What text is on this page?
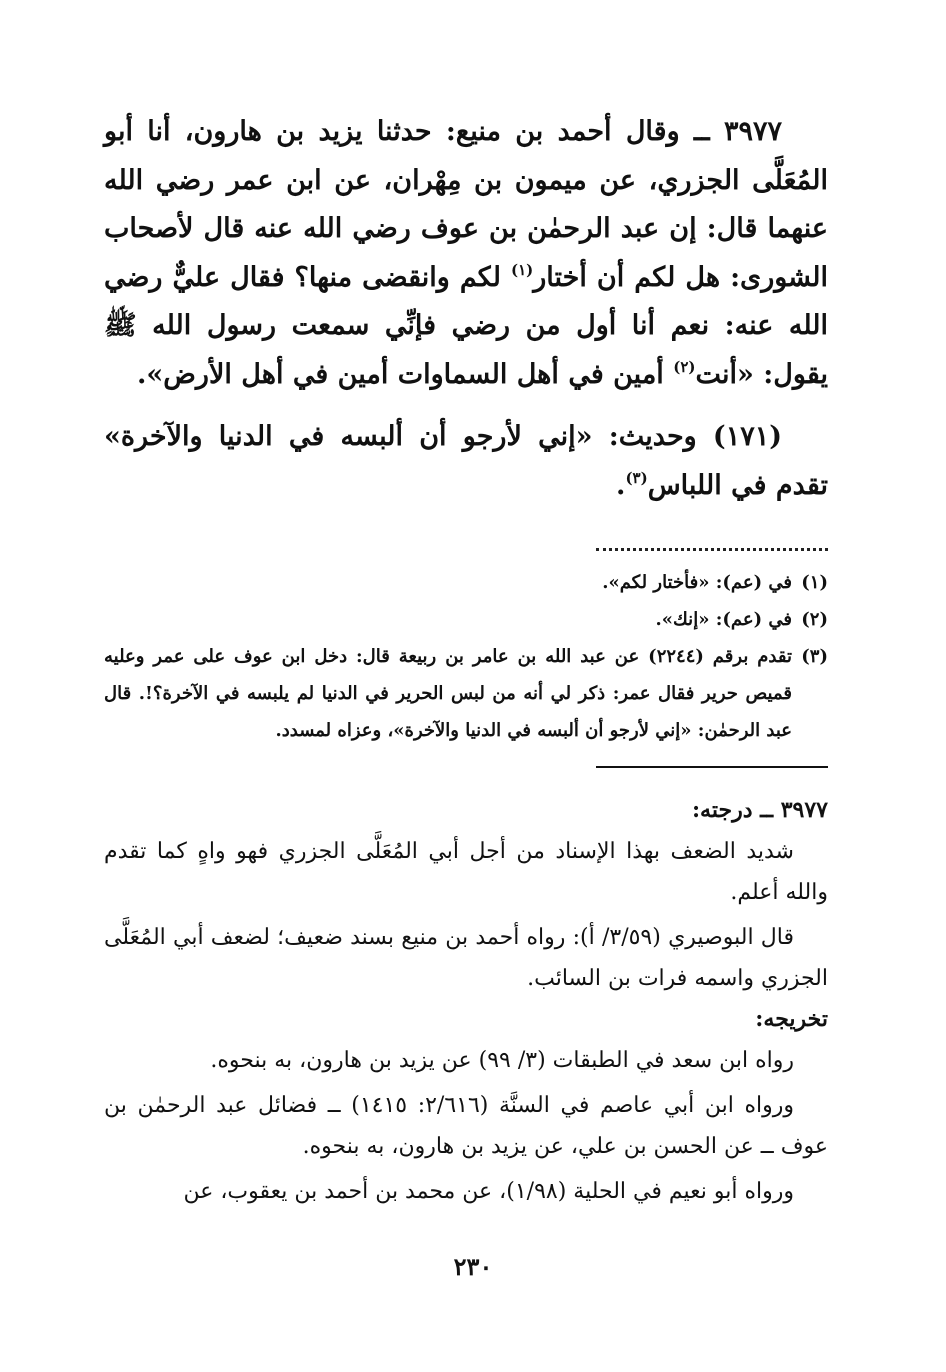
٣٩٧٧ ــ وقال أحمد بن منيع: حدثنا يزيد بن هارون، أنا أبو المُعَلَّى الجزري، عن ميمون بن مِهْران، عن ابن عمر رضي الله عنهما قال: إن عبد الرحمٰن بن عوف رضي الله عنه قال لأصحاب الشورى: هل لكم أن أختار$^{(١)}$ لكم وانقضى منها؟ فقال عليٌّ رضي الله عنه: نعم أنا أول من رضي فإنِّي سمعت رسول الله ﷺ يقول: «أنت$^{(٢)}$ أمين في أهل السماوات أمين في أهل الأرض».

(١٧١) وحديث: «إني لأرجو أن ألبسه في الدنيا والآخرة» تقدم في اللباس$^{(٣)}$.

(١)
في (عم): «فأختار لكم».
(٢)
في (عم): «إنك».
(٣)
تقدم برقم (٢٢٤٤) عن عبد الله بن عامر بن ربيعة قال: دخل ابن عوف على عمر وعليه قميص حرير فقال عمر: ذكر لي أنه من لبس الحرير في الدنيا لم يلبسه في الآخرة؟!. قال عبد الرحمٰن: «إني لأرجو أن ألبسه في الدنيا والآخرة»، وعزاه لمسدد.

٣٩٧٧ ــ درجته:

شديد الضعف بهذا الإسناد من أجل أبي المُعَلَّى الجزري فهو واهٍ كما تقدم والله أعلم.

قال البوصيري (٣/٥٩/ أ): رواه أحمد بن منيع بسند ضعيف؛ لضعف أبي المُعَلَّى الجزري واسمه فرات بن السائب.

تخريجه:

رواه ابن سعد في الطبقات (٣/ ٩٩) عن يزيد بن هارون، به بنحوه.

ورواه ابن أبي عاصم في السنَّة (٢/٦١٦: ١٤١٥) ــ فضائل عبد الرحمٰن بن عوف ــ عن الحسن بن علي، عن يزيد بن هارون، به بنحوه.

ورواه أبو نعيم في الحلية (١/٩٨)، عن محمد بن أحمد بن يعقوب، عن

٢٣٠
